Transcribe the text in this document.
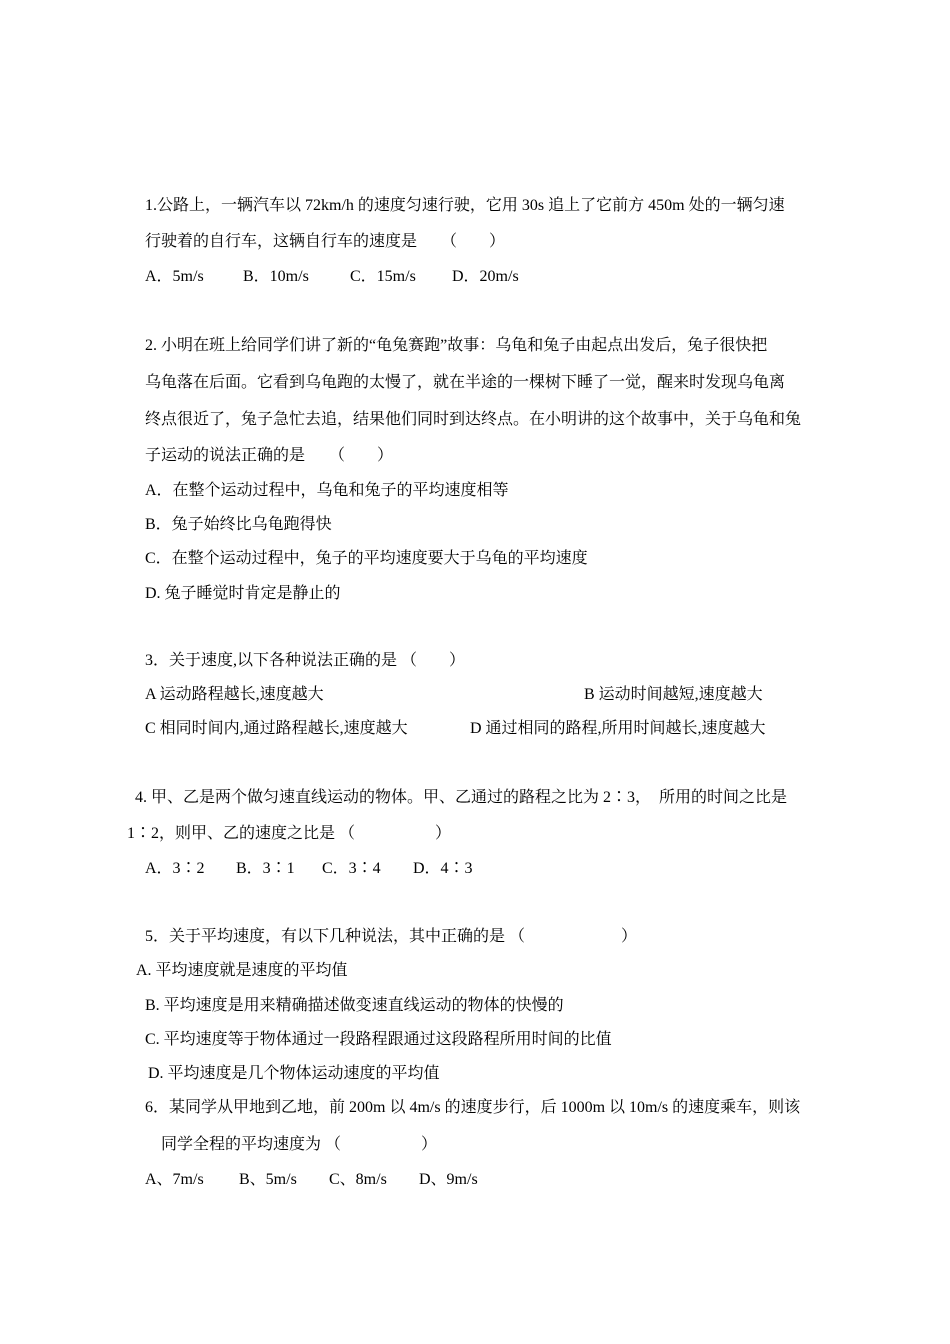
1.公路上，一辆汽车以 72km/h 的速度匀速行驶，它用 30s 追上了它前方 450m 处的一辆匀速
行驶着的自行车，这辆自行车的速度是　　（　　）
A．5m/s B．10m/s	C．15m/s D．20m/s
2. 小明在班上给同学们讲了新的“龟兔赛跑”故事：乌龟和兔子由起点出发后，兔子很快把
乌龟落在后面。它看到乌龟跑的太慢了，就在半途的一棵树下睡了一觉，醒来时发现乌龟离
终点很近了，兔子急忙去追，结果他们同时到达终点。在小明讲的这个故事中，关于乌龟和兔
子运动的说法正确的是　　（　　）
A．在整个运动过程中，乌龟和兔子的平均速度相等
B．兔子始终比乌龟跑得快
C．在整个运动过程中，兔子的平均速度要大于乌龟的平均速度
D. 兔子睡觉时肯定是静止的
3．关于速度,以下各种说法正确的是 （　　）
A 运动路程越长,速度越大	B 运动时间越短,速度越大
C 相同时间内,通过路程越长,速度越大	D 通过相同的路程,所用时间越长,速度越大
4. 甲、乙是两个做匀速直线运动的物体。甲、乙通过的路程之比为 2∶3，　所用的时间之比是
1∶2，则甲、乙的速度之比是 （　　　　　）
A．3∶2 B．3∶1 C．3∶4 D．4∶3
5．关于平均速度，有以下几种说法，其中正确的是 （　　　　　　）
A. 平均速度就是速度的平均值
B. 平均速度是用来精确描述做变速直线运动的物体的快慢的
C. 平均速度等于物体通过一段路程跟通过这段路程所用时间的比值
D. 平均速度是几个物体运动速度的平均值
6．某同学从甲地到乙地，前 200m 以 4m/s 的速度步行，后 1000m 以 10m/s 的速度乘车，则该
同学全程的平均速度为 （　　　　　）
A、7m/s B、5m/s C、8m/s D、9m/s
